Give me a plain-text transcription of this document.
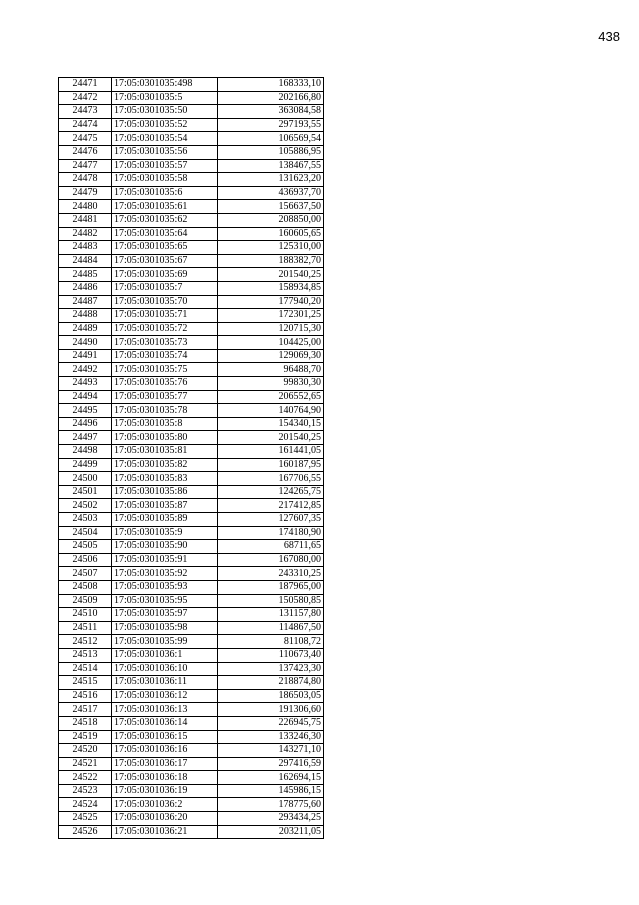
438
24471	17:05:0301035:498	168333,10
24472	17:05:0301035:5	202166,80
24473	17:05:0301035:50	363084,58
24474	17:05:0301035:52	297193,55
24475	17:05:0301035:54	106569,54
24476	17:05:0301035:56	105886,95
24477	17:05:0301035:57	138467,55
24478	17:05:0301035:58	131623,20
24479	17:05:0301035:6	436937,70
24480	17:05:0301035:61	156637,50
24481	17:05:0301035:62	208850,00
24482	17:05:0301035:64	160605,65
24483	17:05:0301035:65	125310,00
24484	17:05:0301035:67	188382,70
24485	17:05:0301035:69	201540,25
24486	17:05:0301035:7	158934,85
24487	17:05:0301035:70	177940,20
24488	17:05:0301035:71	172301,25
24489	17:05:0301035:72	120715,30
24490	17:05:0301035:73	104425,00
24491	17:05:0301035:74	129069,30
24492	17:05:0301035:75	96488,70
24493	17:05:0301035:76	99830,30
24494	17:05:0301035:77	206552,65
24495	17:05:0301035:78	140764,90
24496	17:05:0301035:8	154340,15
24497	17:05:0301035:80	201540,25
24498	17:05:0301035:81	161441,05
24499	17:05:0301035:82	160187,95
24500	17:05:0301035:83	167706,55
24501	17:05:0301035:86	124265,75
24502	17:05:0301035:87	217412,85
24503	17:05:0301035:89	127607,35
24504	17:05:0301035:9	174180,90
24505	17:05:0301035:90	68711,65
24506	17:05:0301035:91	167080,00
24507	17:05:0301035:92	243310,25
24508	17:05:0301035:93	187965,00
24509	17:05:0301035:95	150580,85
24510	17:05:0301035:97	131157,80
24511	17:05:0301035:98	114867,50
24512	17:05:0301035:99	81108,72
24513	17:05:0301036:1	110673,40
24514	17:05:0301036:10	137423,30
24515	17:05:0301036:11	218874,80
24516	17:05:0301036:12	186503,05
24517	17:05:0301036:13	191306,60
24518	17:05:0301036:14	226945,75
24519	17:05:0301036:15	133246,30
24520	17:05:0301036:16	143271,10
24521	17:05:0301036:17	297416,59
24522	17:05:0301036:18	162694,15
24523	17:05:0301036:19	145986,15
24524	17:05:0301036:2	178775,60
24525	17:05:0301036:20	293434,25
24526	17:05:0301036:21	203211,05
